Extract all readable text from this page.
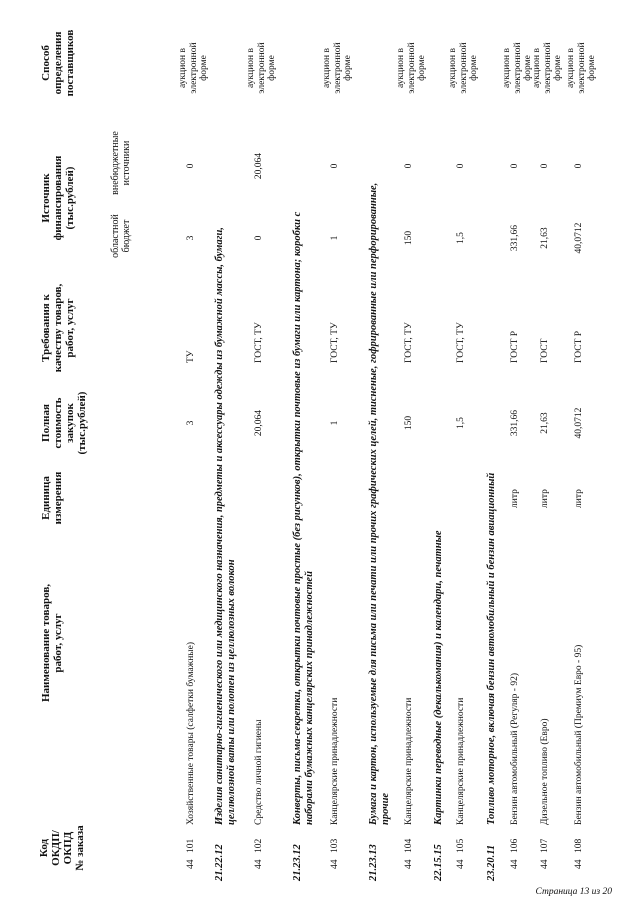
Код
ОКДП/
ОКПД
№ заказа
Наименование товаров,
работ, услуг
Единица
измерения
Полная
стоимость
закупок
(тыс.рублей)
Требования к
качеству товаров,
работ, услуг
Источник
финансирования
(тыс.рублей)
областной
бюджет
внебюджетные
источники
Способ
определения
поставщиков
44
101
Хозяйственные товары (салфетки бумажные)
3
ТУ
3
0
аукцион в
электронной
форме
21.22.12
Изделия санитарно-гигиенического или медицинского назначения, предметы и аксессуары одежды из бумажной массы, бумаги, целлюлозной ваты или полотен из целлюлозных волокон
44
102
Средство личной гигиены
20,064
ГОСТ, ТУ
0
20,064
аукцион в
электронной
форме
21.23.12
Конверты, письма-секретки, открытки почтовые простые (без рисунков), открытки почтовые из бумаги или картона; коробки с наборами бумажных канцелярских принадлежностей
44
103
Канцелярские принадлежности
1
ГОСТ, ТУ
1
0
аукцион в
электронной
форме
21.23.13
Бумага и картон, используемые для письма или печати или прочих графических целей, тисненые, гофрированные или перфорированные, прочие
44
104
Канцелярские принадлежности
150
ГОСТ, ТУ
150
0
аукцион в
электронной
форме
22.15.15
Картинки переводные (декалькомания) и календари, печатные
44
105
Канцелярские принадлежности
1,5
ГОСТ, ТУ
1,5
0
аукцион в
электронной
форме
23.20.11
Топливо моторное, включая бензин автомобильный и бензин авиационный
44
106
Бензин автомобильный (Регуляр - 92)
литр
331,66
ГОСТ Р
331,66
0
аукцион в
электронной
форме
44
107
Дизельное топливо (Евро)
литр
21,63
ГОСТ
21,63
0
аукцион в
электронной
форме
44
108
Бензин автомобильный (Премиум Евро - 95)
литр
40,0712
ГОСТ Р
40,0712
0
аукцион в
электронной
форме
Страница 13 из 20
